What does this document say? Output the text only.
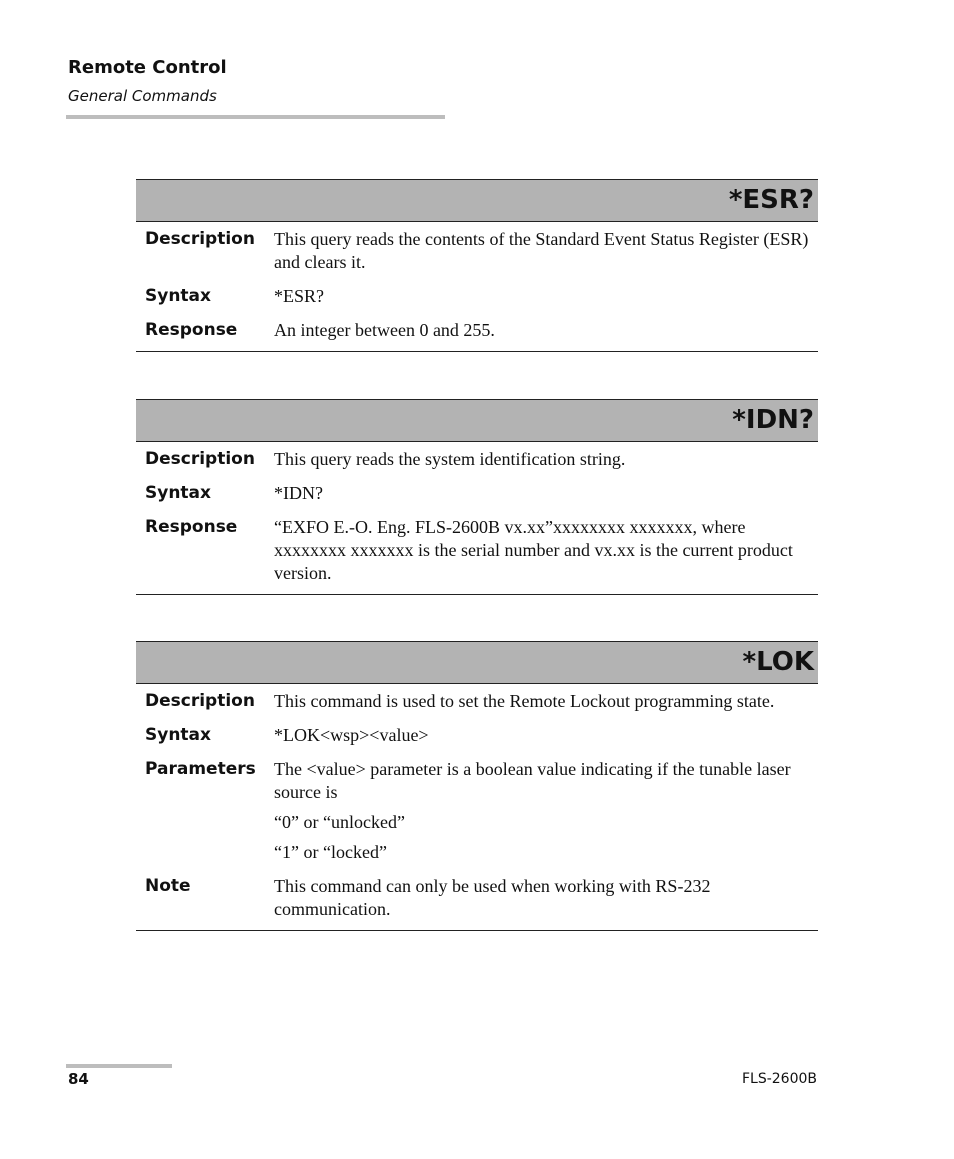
Remote Control
General Commands
*ESR?
Description	This query reads the contents of the Standard Event Status Register (ESR) and clears it.

Syntax	*ESR?

Response	An integer between 0 and 255.

*IDN?
Description	This query reads the system identification string.

Syntax	*IDN?

Response	“EXFO E.-O. Eng. FLS-2600B vx.xx”xxxxxxxx xxxxxxx, where xxxxxxxx xxxxxxx is the serial number and vx.xx is the current product version.

*LOK
Description	This command is used to set the Remote Lockout programming state.

Syntax	*LOK<wsp><value>

Parameters	The <value> parameter is a boolean value indicating if the tunable laser source is

“0” or “unlocked”

“1” or “locked”

Note	This command can only be used when working with RS-232 communication.

84	FLS-2600B
